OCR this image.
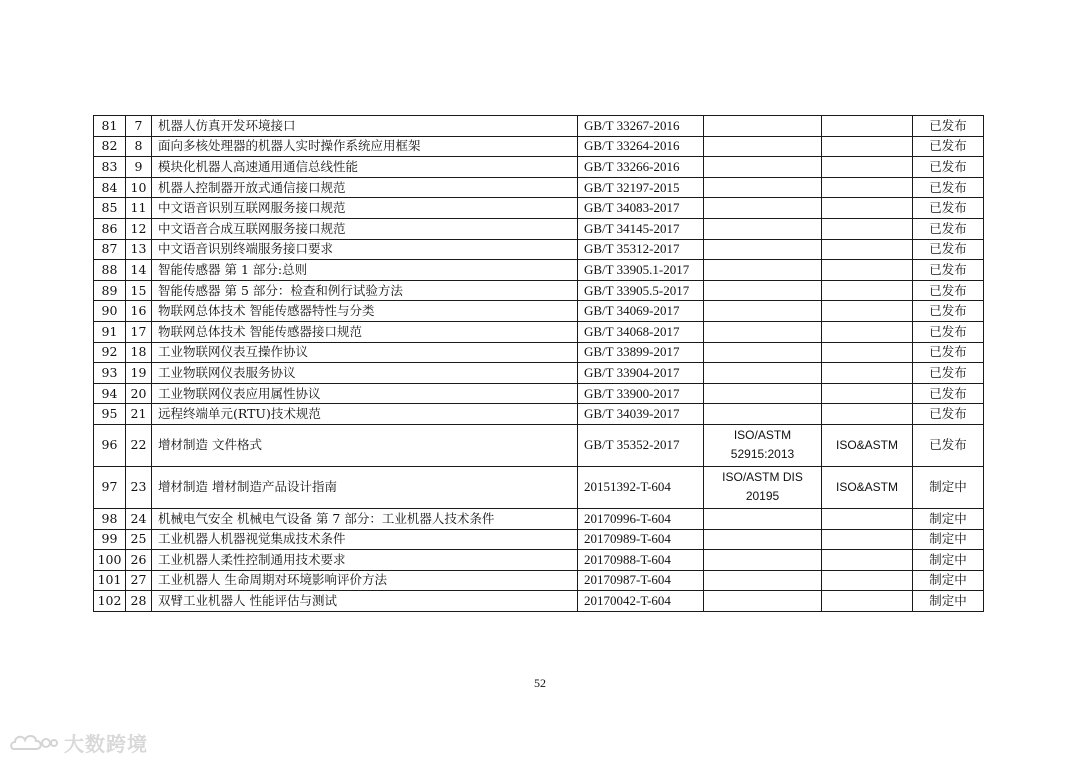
81	7	机器人仿真开发环境接口	GB/T 33267-2016			已发布
82	8	面向多核处理器的机器人实时操作系统应用框架	GB/T 33264-2016			已发布
83	9	模块化机器人高速通用通信总线性能	GB/T 33266-2016			已发布
84	10	机器人控制器开放式通信接口规范	GB/T 32197-2015			已发布
85	11	中文语音识别互联网服务接口规范	GB/T 34083-2017			已发布
86	12	中文语音合成互联网服务接口规范	GB/T 34145-2017			已发布
87	13	中文语音识别终端服务接口要求	GB/T 35312-2017			已发布
88	14	智能传感器 第 1 部分:总则	GB/T 33905.1-2017			已发布
89	15	智能传感器 第 5 部分：检查和例行试验方法	GB/T 33905.5-2017			已发布
90	16	物联网总体技术 智能传感器特性与分类	GB/T 34069-2017			已发布
91	17	物联网总体技术 智能传感器接口规范	GB/T 34068-2017			已发布
92	18	工业物联网仪表互操作协议	GB/T 33899-2017			已发布
93	19	工业物联网仪表服务协议	GB/T 33904-2017			已发布
94	20	工业物联网仪表应用属性协议	GB/T 33900-2017			已发布
95	21	远程终端单元(RTU)技术规范	GB/T 34039-2017			已发布
96	22	增材制造 文件格式	GB/T 35352-2017	ISO/ASTM 52915:2013	ISO&ASTM	已发布
97	23	增材制造 增材制造产品设计指南	20151392-T-604	ISO/ASTM DIS 20195	ISO&ASTM	制定中
98	24	机械电气安全 机械电气设备 第 7 部分：工业机器人技术条件	20170996-T-604			制定中
99	25	工业机器人机器视觉集成技术条件	20170989-T-604			制定中
100	26	工业机器人柔性控制通用技术要求	20170988-T-604			制定中
101	27	工业机器人 生命周期对环境影响评价方法	20170987-T-604			制定中
102	28	双臂工业机器人 性能评估与测试	20170042-T-604			制定中
52
大数跨境
